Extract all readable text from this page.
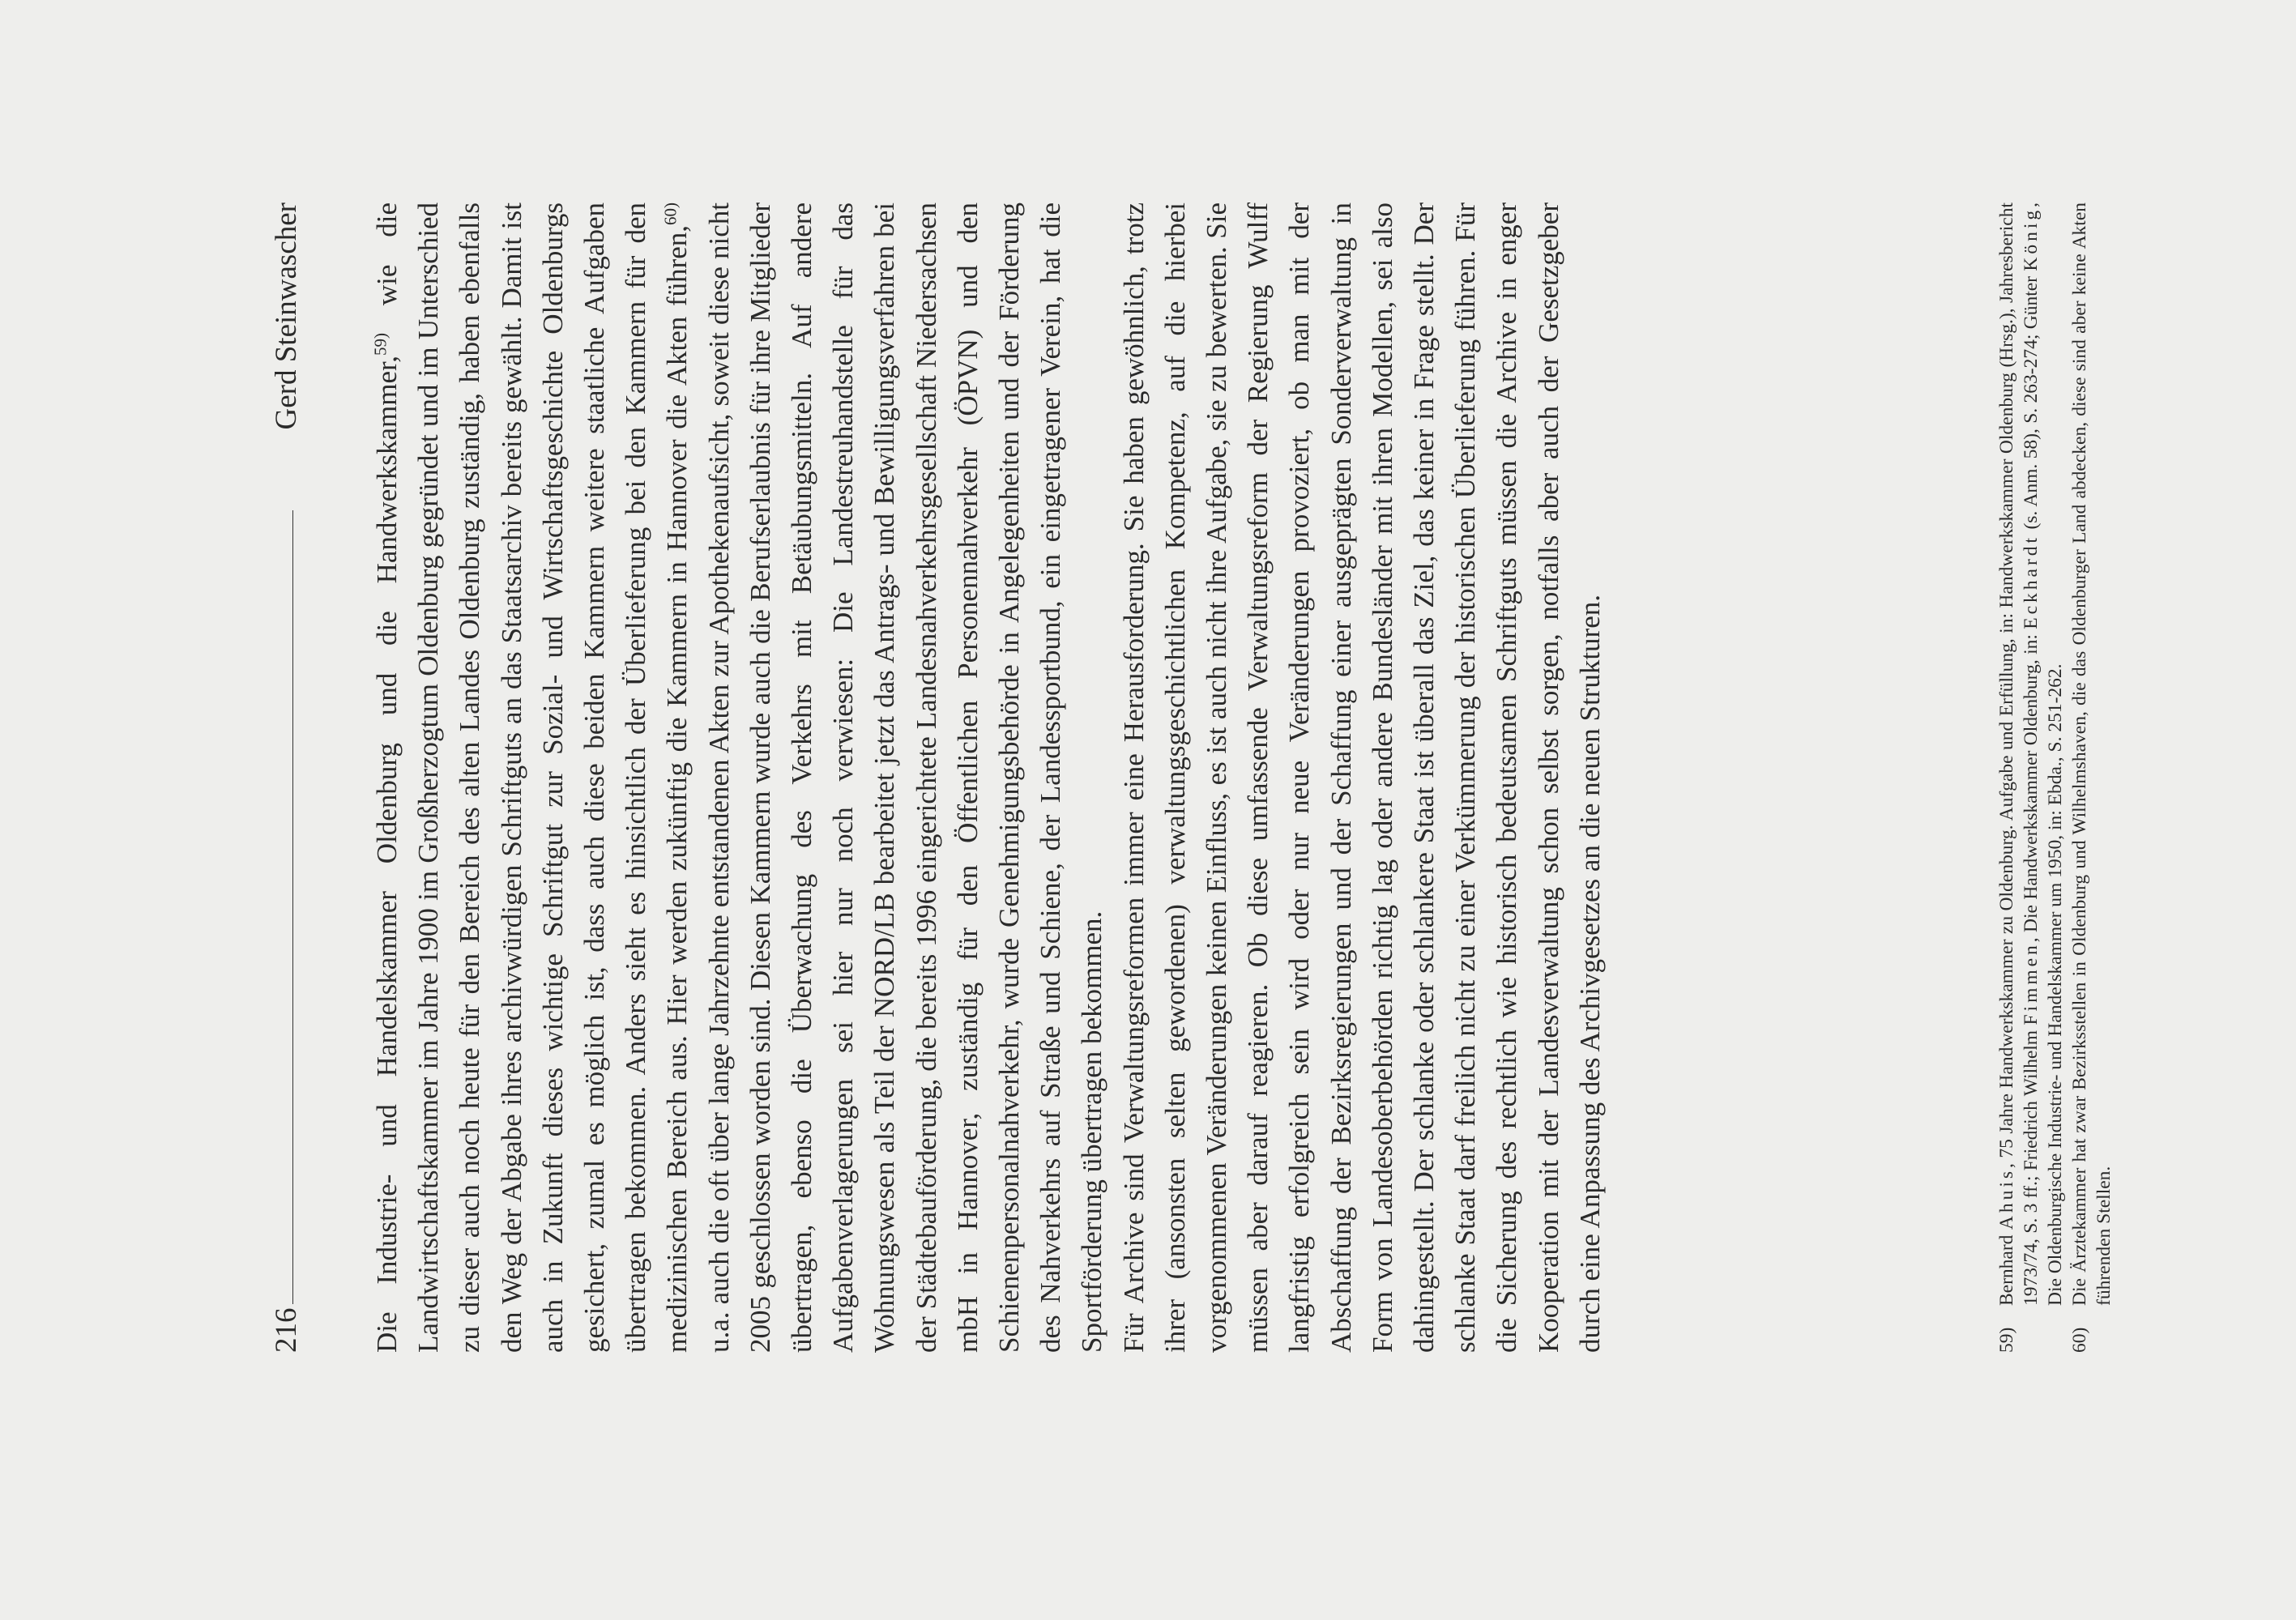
216
Gerd Steinwascher

Die Industrie- und Handelskammer Oldenburg und die Handwerkskammer,$^{59)}$ wie die Landwirtschaftskammer im Jahre 1900 im Großherzogtum Oldenburg gegründet und im Unterschied zu dieser auch noch heute für den Bereich des alten Landes Oldenburg zuständig, haben ebenfalls den Weg der Abgabe ihres archivwürdigen Schriftguts an das Staatsarchiv bereits gewählt. Damit ist auch in Zukunft dieses wichtige Schriftgut zur Sozial- und Wirtschaftsgeschichte Oldenburgs gesichert, zumal es möglich ist, dass auch diese beiden Kammern weitere staatliche Aufgaben übertragen bekommen. Anders sieht es hinsichtlich der Überlieferung bei den Kammern für den medizinischen Bereich aus. Hier werden zukünftig die Kammern in Hannover die Akten führen,$^{60)}$ u.a. auch die oft über lange Jahrzehnte entstandenen Akten zur Apothekenaufsicht, soweit diese nicht 2005 geschlossen worden sind. Diesen Kammern wurde auch die Berufserlaubnis für ihre Mitglieder übertragen, ebenso die Überwachung des Verkehrs mit Betäubungsmitteln. Auf andere Aufgabenverlagerungen sei hier nur noch verwiesen: Die Landestreuhandstelle für das Wohnungswesen als Teil der NORD/LB bearbeitet jetzt das Antrags- und Bewilligungsverfahren bei der Städtebauförderung, die bereits 1996 eingerichtete Landesnahverkehrsgesellschaft Niedersachsen mbH in Hannover, zuständig für den Öffentlichen Personennahverkehr (ÖPVN) und den Schienenpersonalnahverkehr, wurde Genehmigungsbehörde in Angelegenheiten und der Förderung des Nahverkehrs auf Straße und Schiene, der Landessportbund, ein eingetragener Verein, hat die Sportförderung übertragen bekommen. Für Archive sind Verwaltungsreformen immer eine Herausforderung. Sie haben gewöhnlich, trotz ihrer (ansonsten selten gewordenen) verwaltungsgeschichtlichen Kompetenz, auf die hierbei vorgenommenen Veränderungen keinen Einfluss, es ist auch nicht ihre Aufgabe, sie zu bewerten. Sie müssen aber darauf reagieren. Ob diese umfassende Verwaltungsreform der Regierung Wulff langfristig erfolgreich sein wird oder nur neue Veränderungen provoziert, ob man mit der Abschaffung der Bezirksregierungen und der Schaffung einer ausgeprägten Sonderverwaltung in Form von Landesoberbehörden richtig lag oder andere Bundesländer mit ihren Modellen, sei also dahingestellt. Der schlanke oder schlankere Staat ist überall das Ziel, das keiner in Frage stellt. Der schlanke Staat darf freilich nicht zu einer Verkümmerung der historischen Überlieferung führen. Für die Sicherung des rechtlich wie historisch bedeutsamen Schriftguts müssen die Archive in enger Kooperation mit der Landesverwaltung schon selbst sorgen, notfalls aber auch der Gesetzgeber durch eine Anpassung des Archivgesetzes an die neuen Strukturen.	59)
Bernhard Ahuis, 75 Jahre Handwerkskammer zu Oldenburg. Aufgabe und Erfüllung, in: Handwerkskammer Oldenburg (Hrsg.), Jahresbericht 1973/74, S. 3 ff.; Friedrich Wilhelm Fimmen, Die Handwerkskammer Oldenburg, in: Eckhardt (s. Anm. 58), S. 263-274; Günter König, Die Oldenburgische Industrie- und Handelskammer um 1950, in: Ebda., S. 251-262.

60)
Die Ärztekammer hat zwar Bezirksstellen in Oldenburg und Wilhelmshaven, die das Oldenburger Land abdecken, diese sind aber keine Akten führenden Stellen.
